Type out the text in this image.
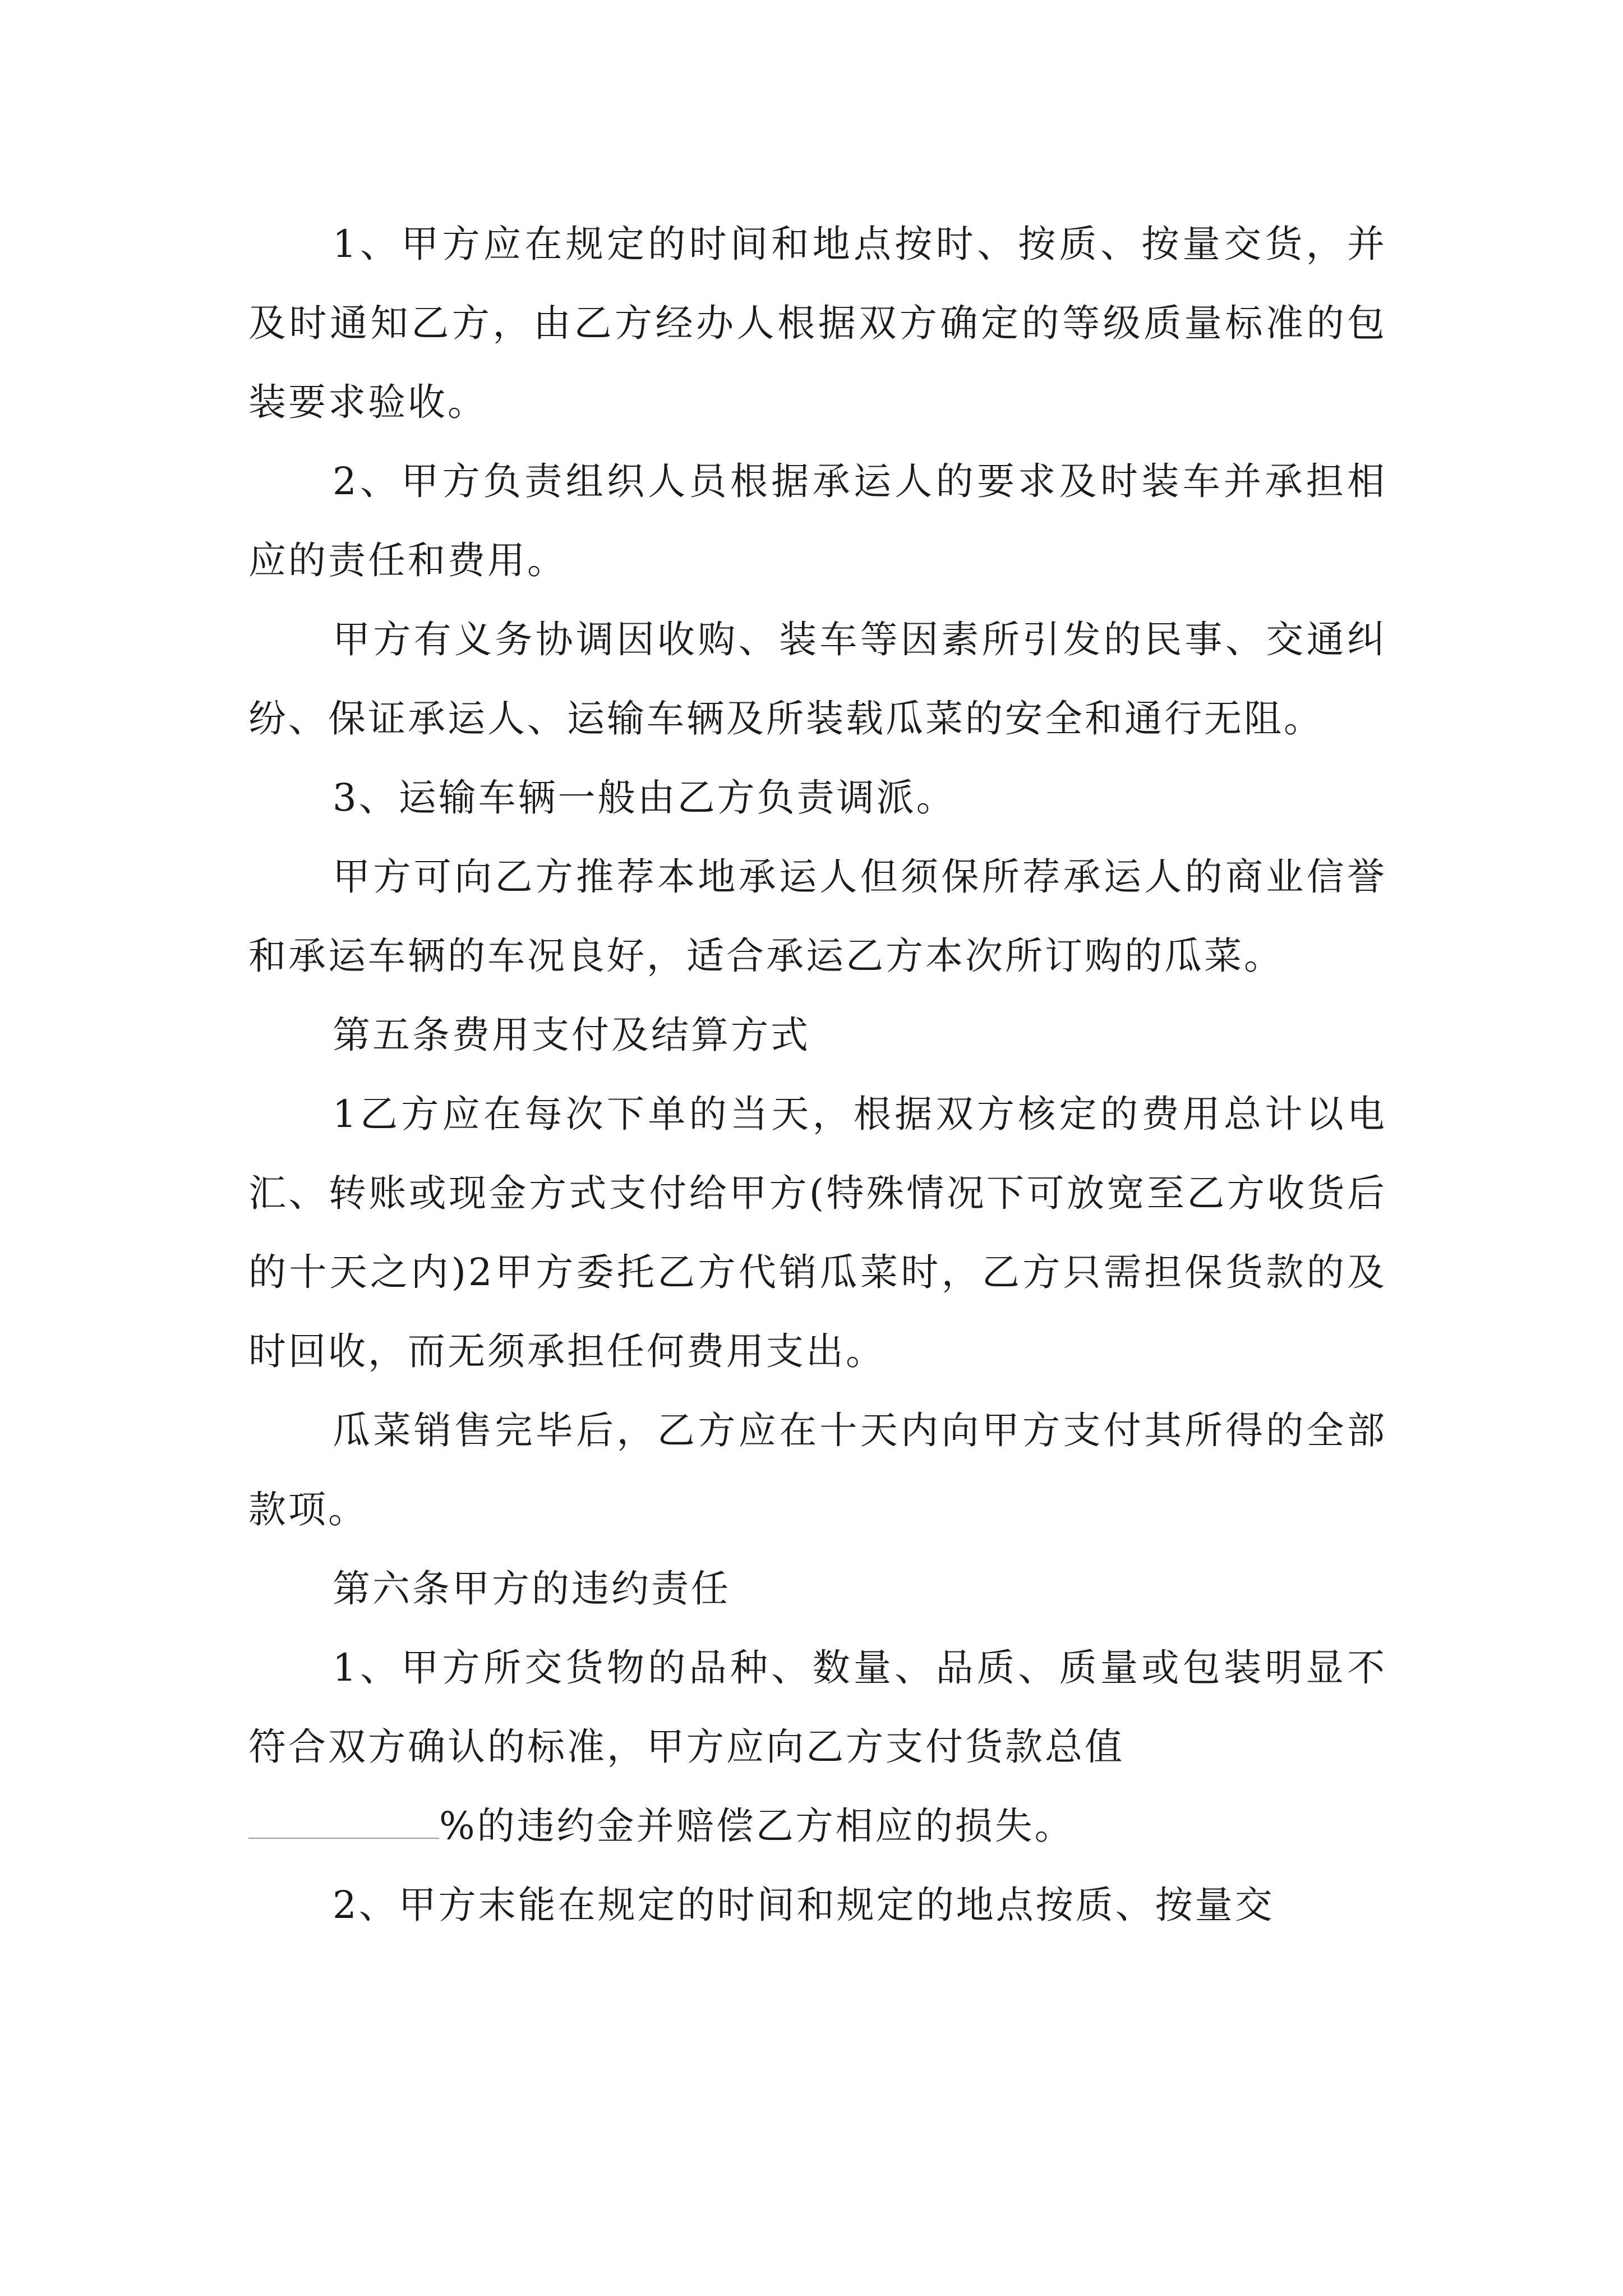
1、甲方应在规定的时间和地点按时、按质、按量交货，并及时通知乙方，由乙方经办人根据双方确定的等级质量标准的包装要求验收。

2、甲方负责组织人员根据承运人的要求及时装车并承担相应的责任和费用。

甲方有义务协调因收购、装车等因素所引发的民事、交通纠纷、保证承运人、运输车辆及所装载瓜菜的安全和通行无阻。

3、运输车辆一般由乙方负责调派。

甲方可向乙方推荐本地承运人但须保所荐承运人的商业信誉和承运车辆的车况良好，适合承运乙方本次所订购的瓜菜。

第五条费用支付及结算方式

1乙方应在每次下单的当天，根据双方核定的费用总计以电汇、转账或现金方式支付给甲方(特殊情况下可放宽至乙方收货后的十天之内)2甲方委托乙方代销瓜菜时，乙方只需担保货款的及时回收，而无须承担任何费用支出。

瓜菜销售完毕后，乙方应在十天内向甲方支付其所得的全部款项。

第六条甲方的违约责任

1、甲方所交货物的品种、数量、品质、质量或包装明显不符合双方确认的标准，甲方应向乙方支付货款总值

%的违约金并赔偿乙方相应的损失。

2、甲方末能在规定的时间和规定的地点按质、按量交
